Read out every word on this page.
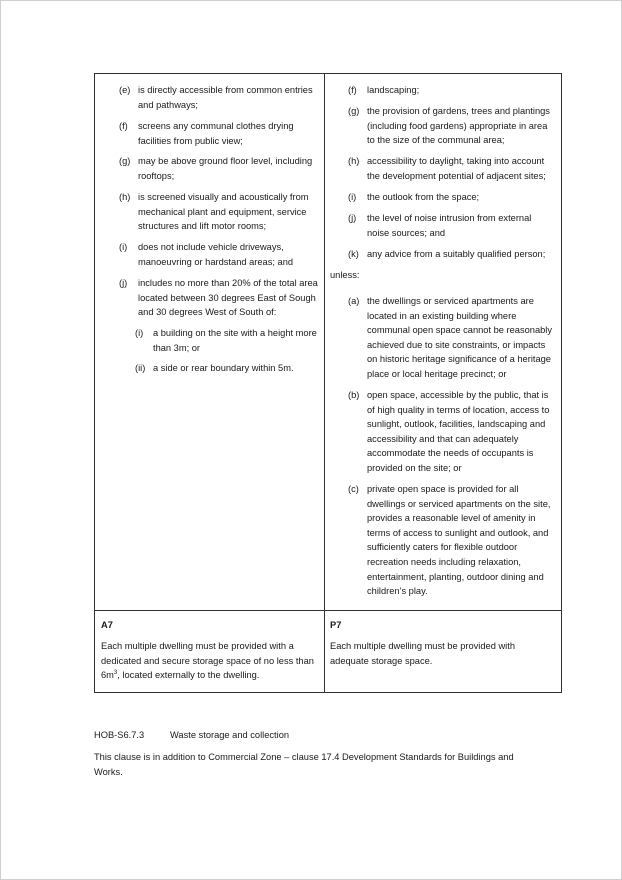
(e) is directly accessible from common entries
and pathways;
(f) screens any communal clothes drying
facilities from public view;
(g) may be above ground floor level, including
rooftops;
(h) is screened visually and acoustically from
mechanical plant and equipment, service
structures and lift motor rooms;
(i) does not include vehicle driveways,
manoeuvring or hardstand areas; and
(j) includes no more than 20% of the total area
located between 30 degrees East of Sough
and 30 degrees West of South of:
(i) a building on the site with a height more
than 3m; or
(ii) a side or rear boundary within 5m.
(f) landscaping;
(g) the provision of gardens, trees and plantings
(including food gardens) appropriate in area
to the size of the communal area;
(h) accessibility to daylight, taking into account
the development potential of adjacent sites;
(i) the outlook from the space;
(j) the level of noise intrusion from external
noise sources; and
(k) any advice from a suitably qualified person;
unless:
(a) the dwellings or serviced apartments are
located in an existing building where
communal open space cannot be reasonably
achieved due to site constraints, or impacts
on historic heritage significance of a heritage
place or local heritage precinct; or
(b) open space, accessible by the public, that is
of high quality in terms of location, access to
sunlight, outlook, facilities, landscaping and
accessibility and that can adequately
accommodate the needs of occupants is
provided on the site; or
(c) private open space is provided for all
dwellings or serviced apartments on the site,
provides a reasonable level of amenity in
terms of access to sunlight and outlook, and
sufficiently caters for flexible outdoor
recreation needs including relaxation,
entertainment, planting, outdoor dining and
children’s play.
A7
Each multiple dwelling must be provided with a
dedicated and secure storage space of no less than
$6m^3$, located externally to the dwelling.
P7
Each multiple dwelling must be provided with
adequate storage space.
HOB-S6.7.3	Waste storage and collection
This clause is in addition to Commercial Zone – clause 17.4 Development Standards for Buildings and
Works.
